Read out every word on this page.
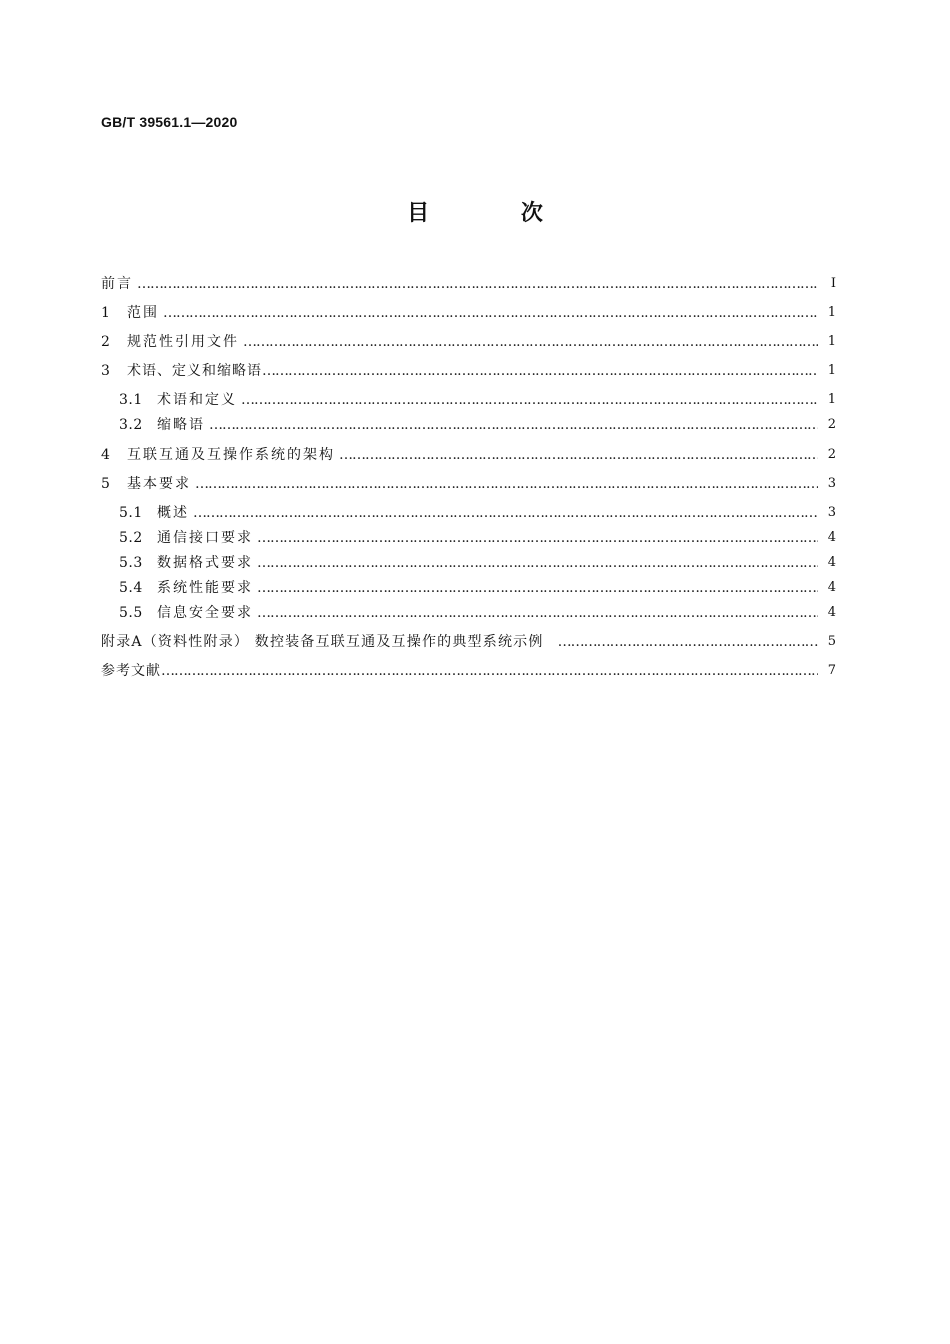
GB/T 39561.1—2020
目 次
前言 ……………………………………………………………………………………………………………………………………………………………………………………………………………………………………	Ⅰ
1	范围 ……………………………………………………………………………………………………………………………………………………………………………………………………………………………………	1
2	规范性引用文件 ……………………………………………………………………………………………………………………………………………………………………………………………………………………………………	1
3	术语、定义和缩略语 ……………………………………………………………………………………………………………………………………………………………………………………………………………………………………	1
3.1	术语和定义 ……………………………………………………………………………………………………………………………………………………………………………………………………………………………………	1
3.2	缩略语 ……………………………………………………………………………………………………………………………………………………………………………………………………………………………………	2
4	互联互通及互操作系统的架构 ……………………………………………………………………………………………………………………………………………………………………………………………………………………………………	2
5	基本要求 ……………………………………………………………………………………………………………………………………………………………………………………………………………………………………	3
5.1	概述 ……………………………………………………………………………………………………………………………………………………………………………………………………………………………………	3
5.2	通信接口要求 ……………………………………………………………………………………………………………………………………………………………………………………………………………………………………	4
5.3	数据格式要求 ……………………………………………………………………………………………………………………………………………………………………………………………………………………………………	4
5.4	系统性能要求 ……………………………………………………………………………………………………………………………………………………………………………………………………………………………………	4
5.5	信息安全要求 ……………………………………………………………………………………………………………………………………………………………………………………………………………………………………	4
附录A（资料性附录） 数控装备互联互通及互操作的典型系统示例 ……………………………………………………………………………………………………………………………………………………………………………………………………………………………………	5
参考文献 ……………………………………………………………………………………………………………………………………………………………………………………………………………………………………	7
